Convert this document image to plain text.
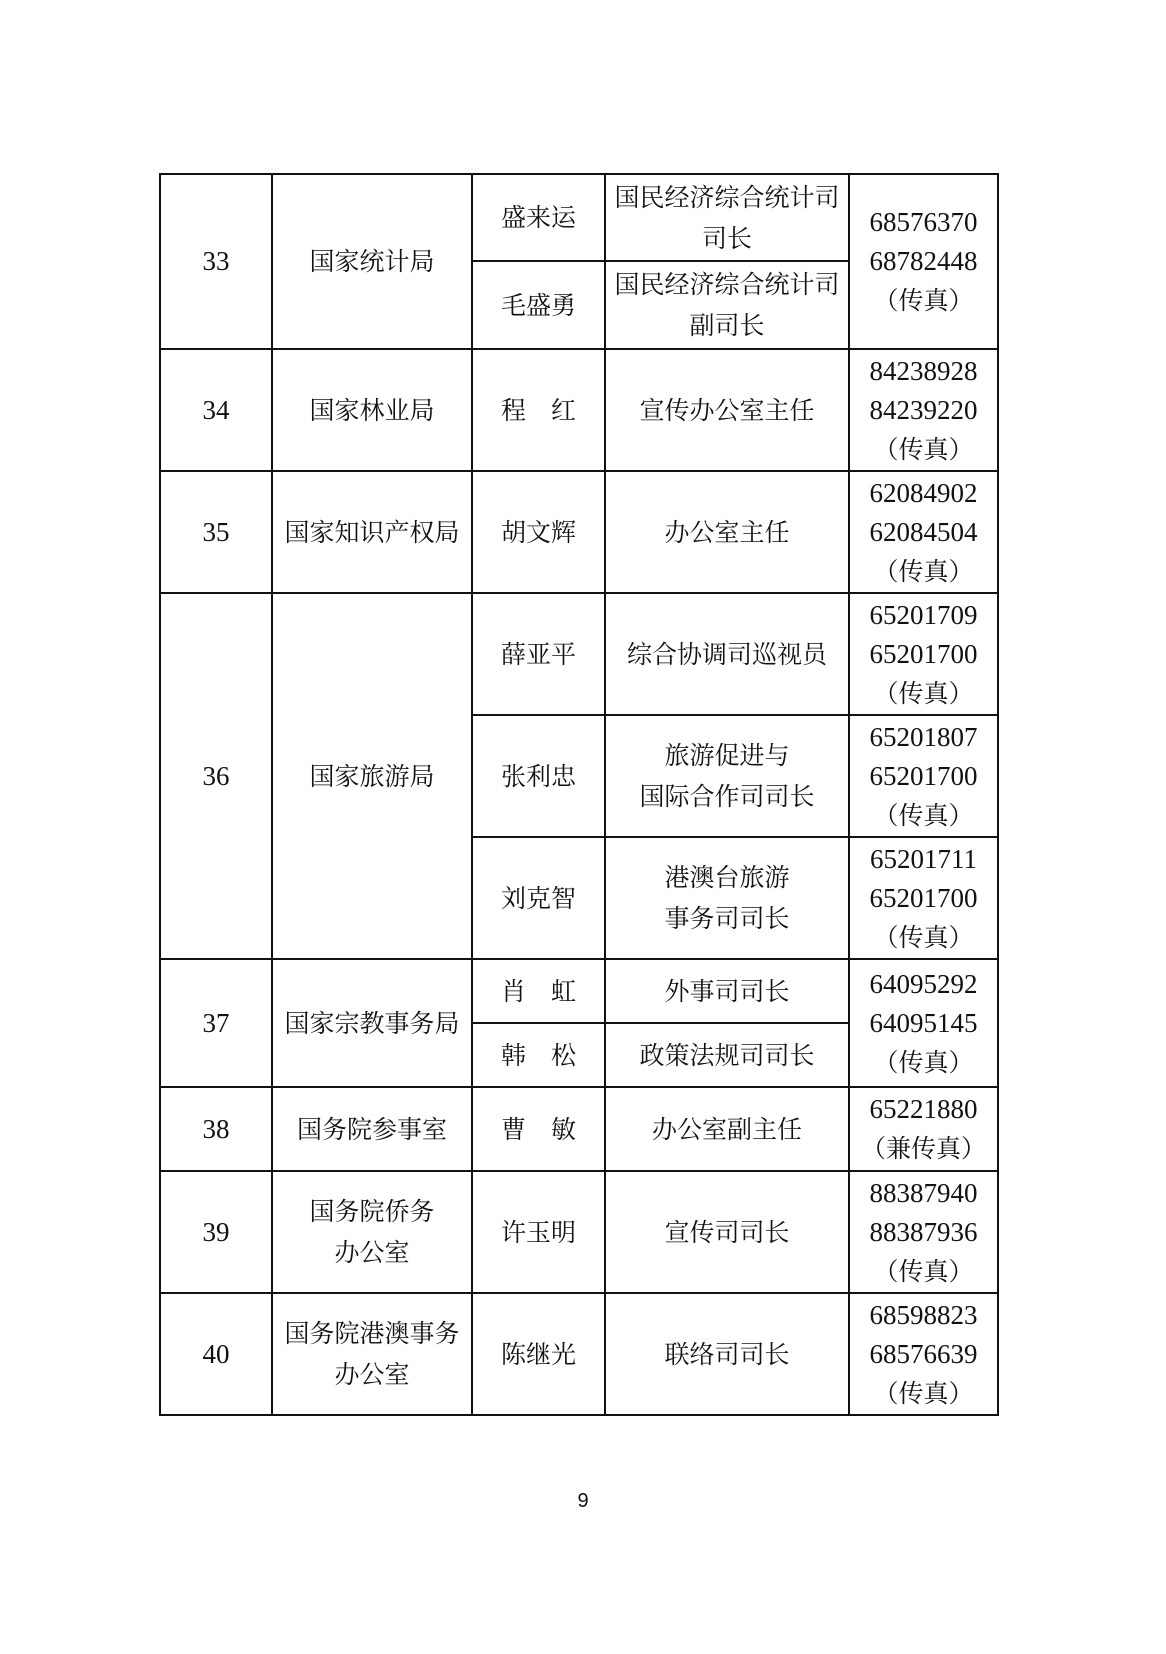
33	国家统计局	盛来运	国民经济综合统计司
司长	68576370
68782448
（传真）

		毛盛勇	国民经济综合统计司
副司长	

34	国家林业局	程　红	宣传办公室主任	84238928
84239220
（传真）

35	国家知识产权局	胡文辉	办公室主任	62084902
62084504
（传真）

36	国家旅游局	薛亚平	综合协调司巡视员	65201709
65201700
（传真）

		张利忠	旅游促进与
国际合作司司长	65201807
65201700
（传真）

		刘克智	港澳台旅游
事务司司长	65201711
65201700
（传真）

37	国家宗教事务局	肖　虹	外事司司长	64095292
64095145
（传真）

		韩　松	政策法规司司长	

38	国务院参事室	曹　敏	办公室副主任	65221880
（兼传真）

39	国务院侨务
办公室	许玉明	宣传司司长	88387940
88387936
（传真）

40	国务院港澳事务
办公室	陈继光	联络司司长	68598823
68576639
（传真）
9
